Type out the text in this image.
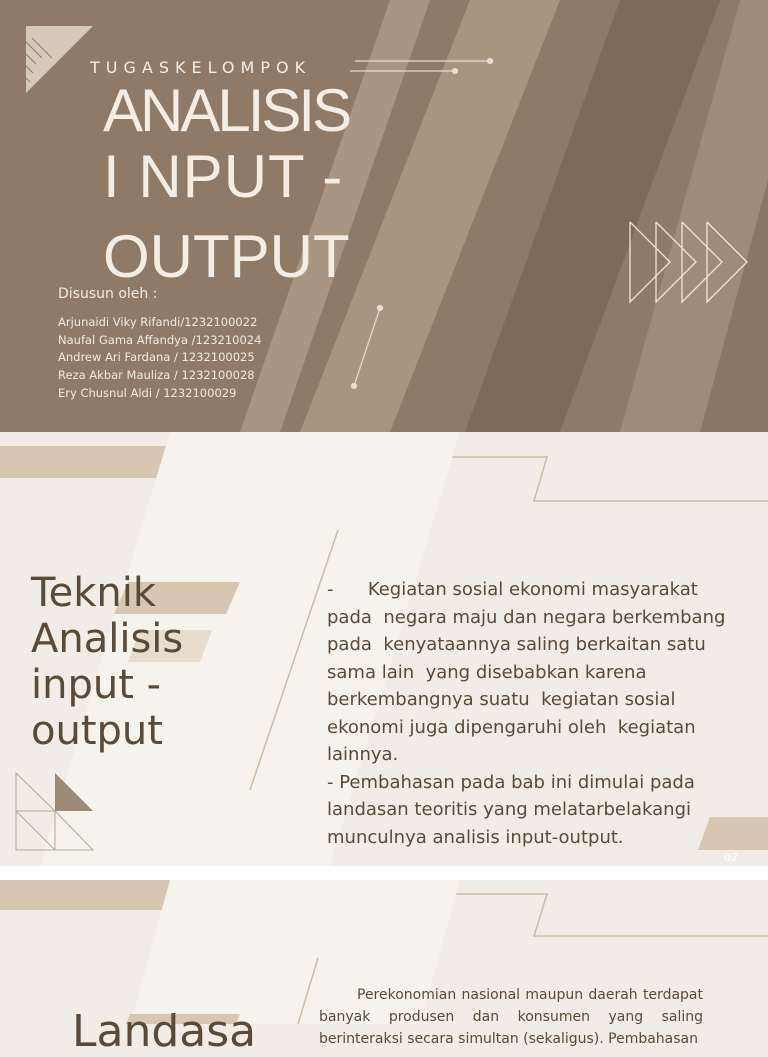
TUGASKELOMPOK
ANALISIS
I NPUT -
OUTPUT
Disusun oleh :
Arjunaidi Viky Rifandi/1232100022
Naufal Gama Affandya /123210024
Andrew Ari Fardana / 1232100025
Reza Akbar Mauliza / 1232100028
Ery Chusnul Aldi / 1232100029
Teknik
Analisis
input -
output

-      Kegiatan sosial ekonomi masyarakat pada  negara maju dan negara berkembang pada  kenyataannya saling berkaitan satu sama lain  yang disebabkan karena berkembangnya suatu  kegiatan sosial ekonomi juga dipengaruhi oleh  kegiatan lainnya.

- Pembahasan pada bab ini dimulai pada landasan teoritis yang melatarbelakangi munculnya analisis input-output.

02
Perekonomian nasional maupun daerah terdapat banyak produsen dan konsumen yang saling berinteraksi secara simultan (sekaligus). Pembahasan
Landasa
